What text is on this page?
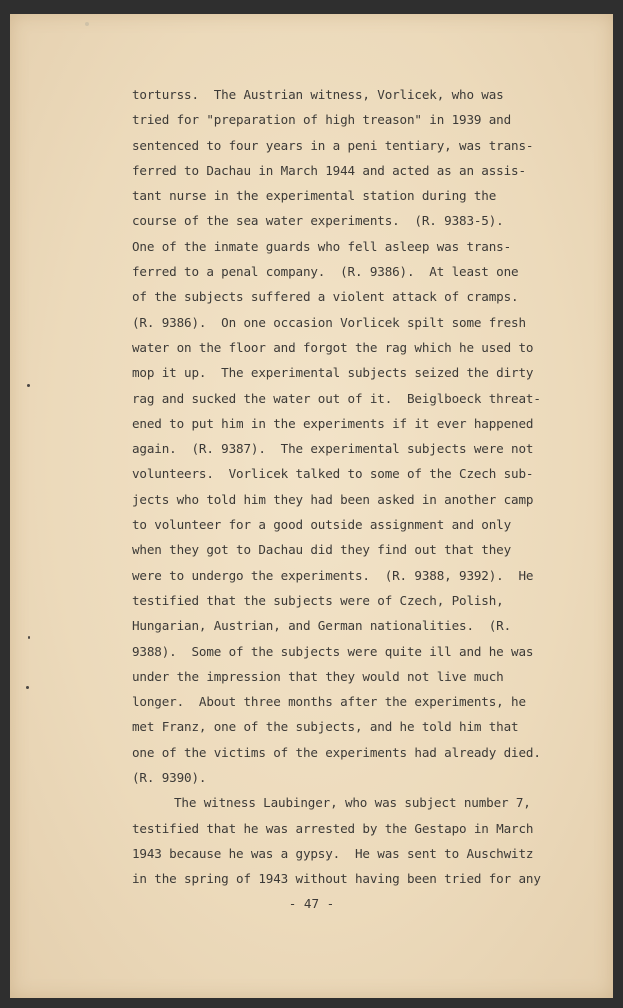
torturss.  The Austrian witness, Vorlicek, who was
tried for "preparation of high treason" in 1939 and
sentenced to four years in a peni tentiary, was trans-
ferred to Dachau in March 1944 and acted as an assis-
tant nurse in the experimental station during the
course of the sea water experiments.  (R. 9383-5).
One of the inmate guards who fell asleep was trans-
ferred to a penal company.  (R. 9386).  At least one
of the subjects suffered a violent attack of cramps.
(R. 9386).  On one occasion Vorlicek spilt some fresh
water on the floor and forgot the rag which he used to
mop it up.  The experimental subjects seized the dirty
rag and sucked the water out of it.  Beiglboeck threat-
ened to put him in the experiments if it ever happened
again.  (R. 9387).  The experimental subjects were not
volunteers.  Vorlicek talked to some of the Czech sub-
jects who told him they had been asked in another camp
to volunteer for a good outside assignment and only
when they got to Dachau did they find out that they
were to undergo the experiments.  (R. 9388, 9392).  He
testified that the subjects were of Czech, Polish,
Hungarian, Austrian, and German nationalities.  (R.
9388).  Some of the subjects were quite ill and he was
under the impression that they would not live much
longer.  About three months after the experiments, he
met Franz, one of the subjects, and he told him that
one of the victims of the experiments had already died.
(R. 9390).
The witness Laubinger, who was subject number 7,
testified that he was arrested by the Gestapo in March
1943 because he was a gypsy.  He was sent to Auschwitz
in the spring of 1943 without having been tried for any
- 47 -
